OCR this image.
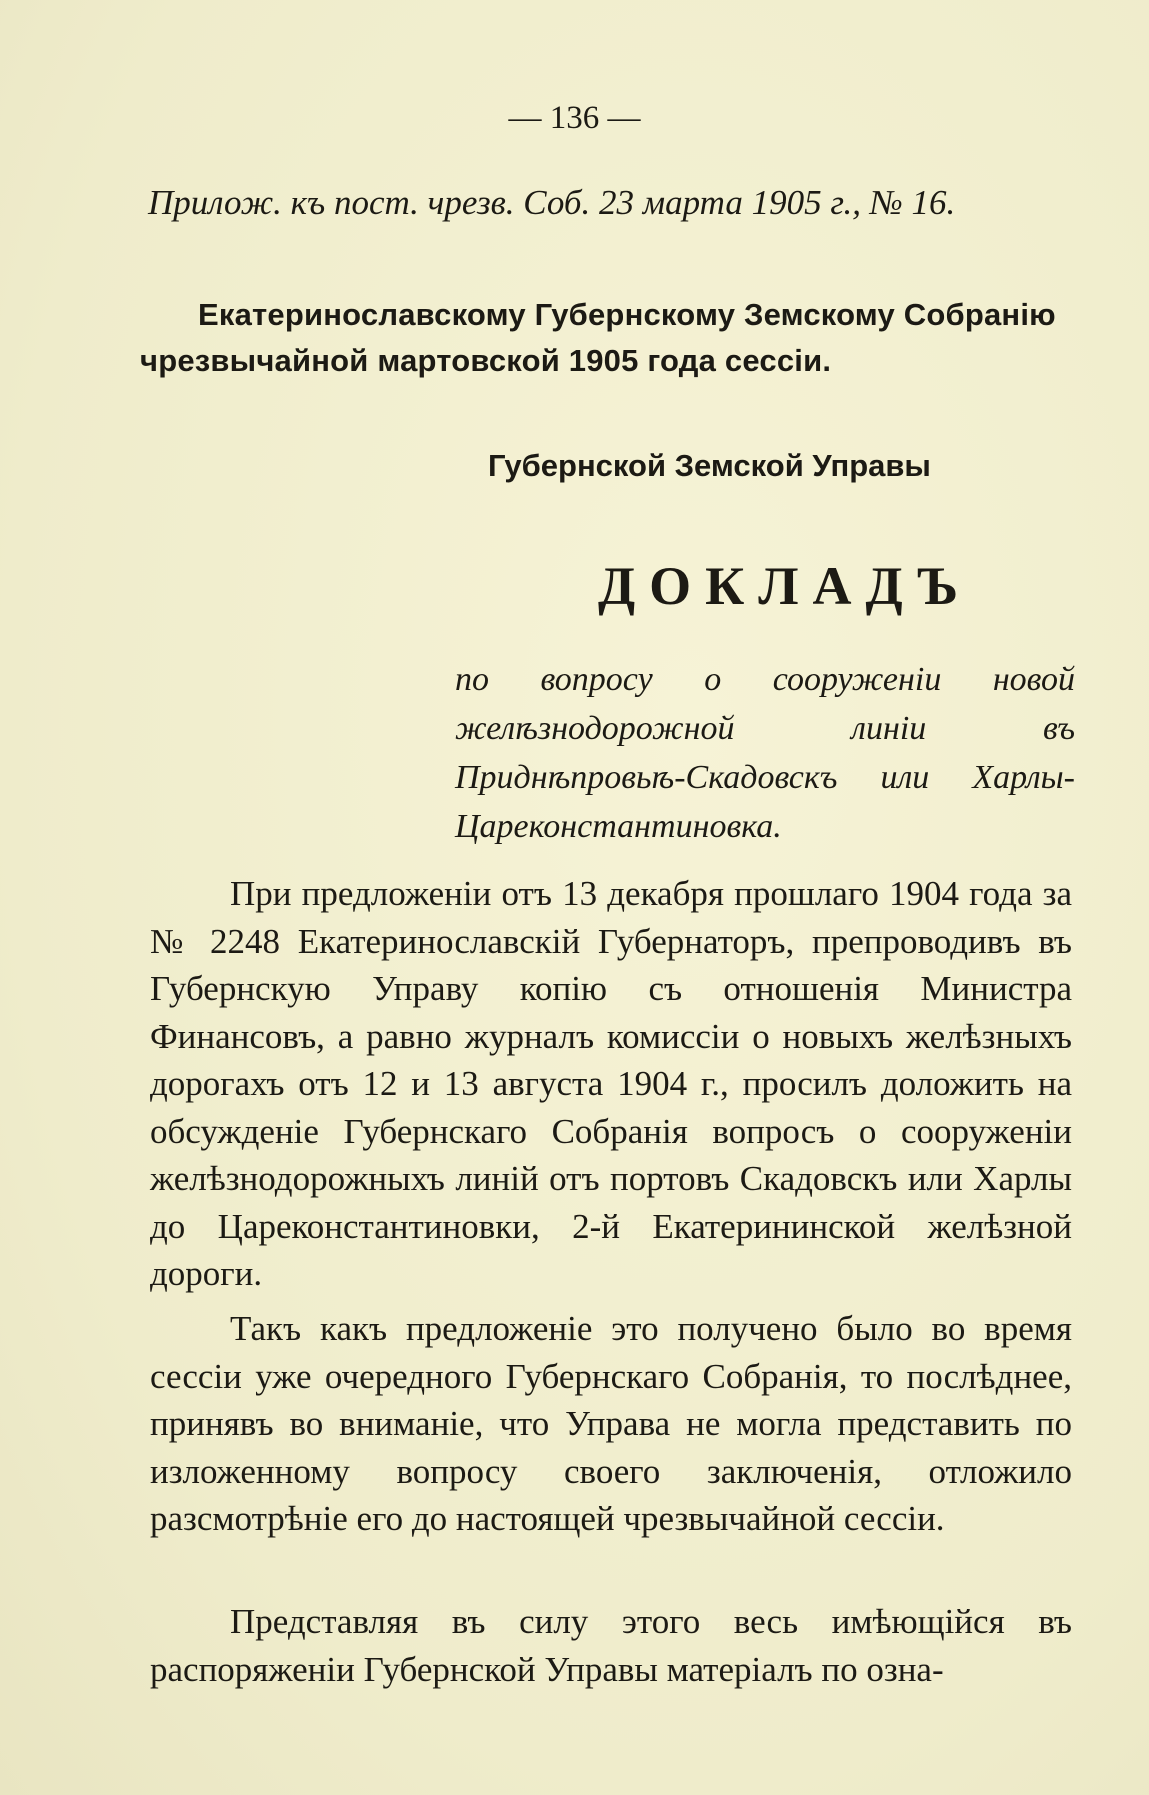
— 136 —
Прилож. къ пост. чрезв. Соб. 23 марта 1905 г., № 16.
Екатеринославскому Губернскому Земскому Собранію
чрезвычайной мартовской 1905 года сессіи.
Губернской Земской Управы
ДОКЛАДЪ
по вопросу о сооруженіи новой желѣзнодорожной линіи въ Приднѣпровьѣ-Скадовскъ или Харлы-Цареконстантиновка.

При предложеніи отъ 13 декабря прошлаго 1904 года за № 2248 Екатеринославскій Губернаторъ, препроводивъ въ Губернскую Управу копію съ отношенія Министра Финансовъ, а равно журналъ комиссіи о новыхъ желѣзныхъ дорогахъ отъ 12 и 13 августа 1904 г., просилъ доложить на обсужденіе Губернскаго Собранія вопросъ о сооруженіи желѣзнодорожныхъ линій отъ портовъ Скадовскъ или Харлы до Цареконстантиновки, 2-й Екатерининской желѣзной дороги.

Такъ какъ предложеніе это получено было во время сессіи уже очередного Губернскаго Собранія, то послѣднее, принявъ во вниманіе, что Управа не могла представить по изложенному вопросу своего заключенія, отложило разсмотрѣніе его до настоящей чрезвычайной сессіи.

Представляя въ силу этого весь имѣющійся въ распоряженіи Губернской Управы матеріалъ по озна-
